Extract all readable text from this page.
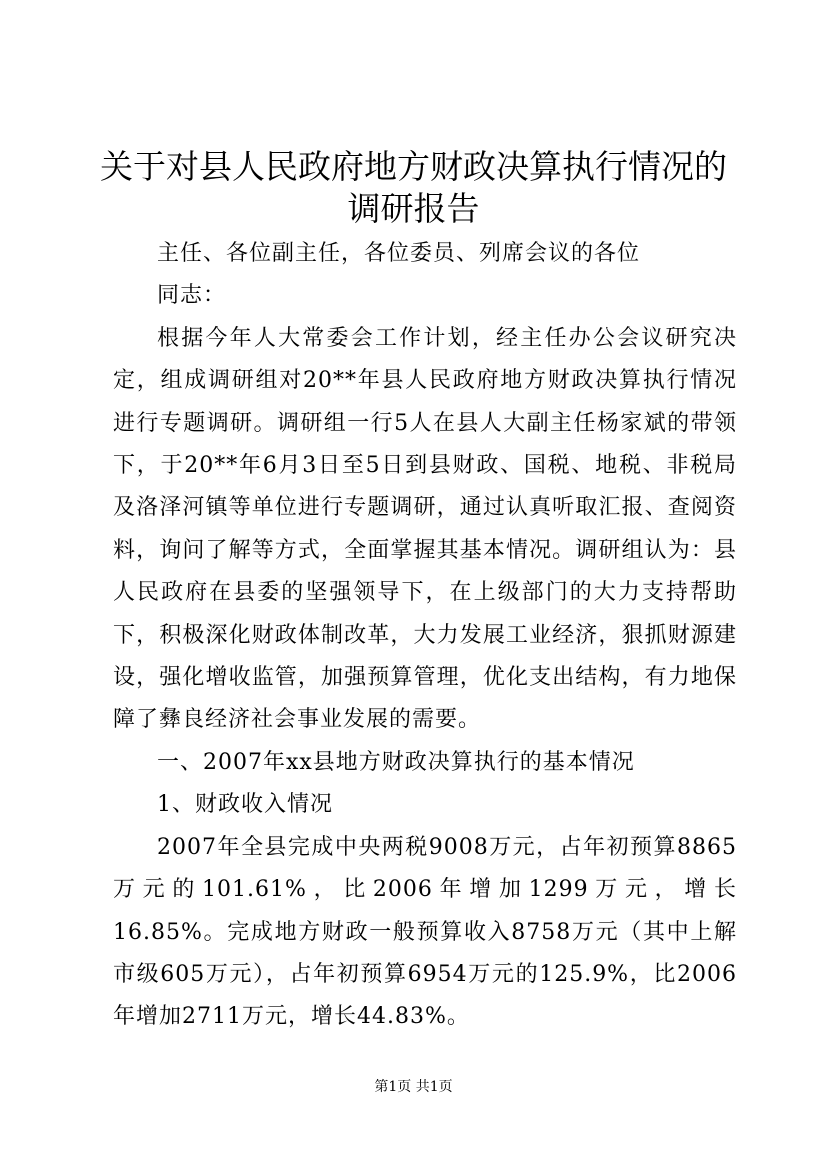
关于对县人民政府地方财政决算执行情况的调研报告

主任、各位副主任，各位委员、列席会议的各位

同志：

根据今年人大常委会工作计划，经主任办公会议研究决定，组成调研组对20**年县人民政府地方财政决算执行情况进行专题调研。调研组一行5人在县人大副主任杨家斌的带领下，于20**年6月3日至5日到县财政、国税、地税、非税局及洛泽河镇等单位进行专题调研，通过认真听取汇报、查阅资料，询问了解等方式，全面掌握其基本情况。调研组认为：县人民政府在县委的坚强领导下，在上级部门的大力支持帮助下，积极深化财政体制改革，大力发展工业经济，狠抓财源建设，强化增收监管，加强预算管理，优化支出结构，有力地保障了彝良经济社会事业发展的需要。

一、2007年xx县地方财政决算执行的基本情况

1、财政收入情况

2007年全县完成中央两税9008万元，占年初预算8865万元的101.61%，比2006年增加1299万元，增长16.85%。完成地方财政一般预算收入8758万元（其中上解市级605万元），占年初预算6954万元的125.9%，比2006年增加2711万元，增长44.83%。

第1页 共1页
